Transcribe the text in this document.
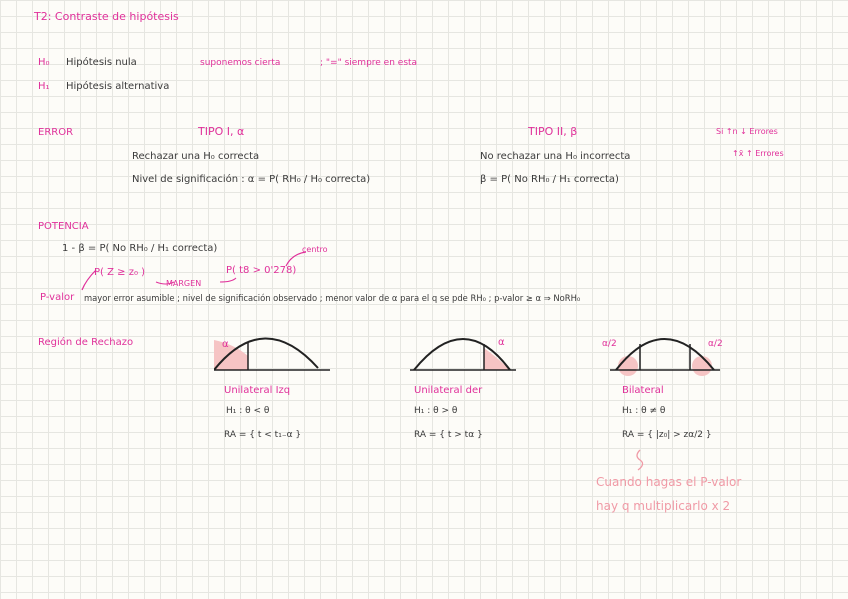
T2: Contraste de hipótesis
H₀ Hipótesis nula	suponemos cierta	; "=" siempre en esta
H₁ Hipótesis alternativa
ERROR	TIPO I, α
Rechazar una H₀ correcta
Nivel de significación : α = P( RH₀ / H₀ correcta)
TIPO II, β
No rechazar una H₀ incorrecta
β = P( No RH₀ / H₁ correcta)
Si ↑n ↓ Errores
↑x̄ ↑ Errores
POTENCIA
1 - β = P( No RH₀ / H₁ correcta)	centro
P( Z ≥ z₀ )
MARGEN
P( t8 > 0'278)
P-valor mayor error asumible ; nivel de significación observado ; menor valor de α para el q se pde RH₀ ; p-valor ≥ α ⇒ NoRH₀
Región de Rechazo	α
Unilateral Izq
H₁ : θ < θ
RA = { t < t₁₋α }
α
Unilateral der
H₁ : θ > θ
RA = { t > tα }
α/2	α/2
Bilateral
H₁ : θ ≠ θ
RA = { |z₀| > zα/2 }
Cuando hagas el P-valor
hay q multiplicarlo x 2
